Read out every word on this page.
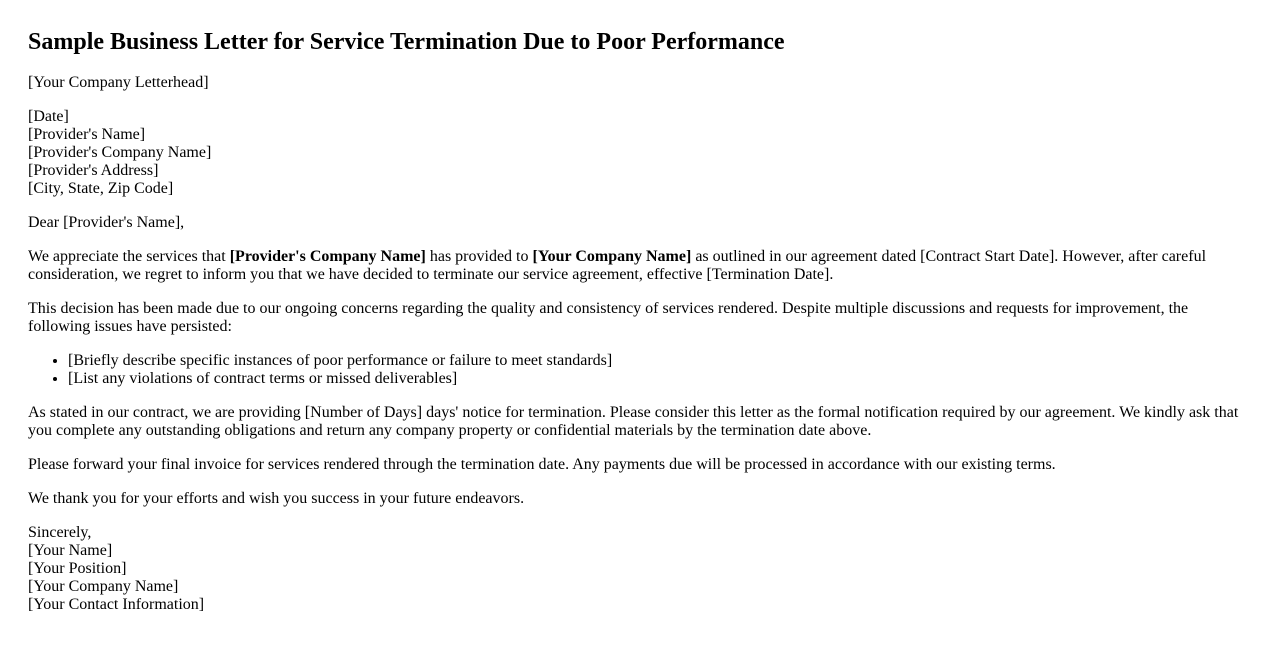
Sample Business Letter for Service Termination Due to Poor Performance

[Your Company Letterhead]

[Date]
[Provider's Name]
[Provider's Company Name]
[Provider's Address]
[City, State, Zip Code]

Dear [Provider's Name],

We appreciate the services that [Provider's Company Name] has provided to [Your Company Name] as outlined in our agreement dated [Contract Start Date]. However, after careful consideration, we regret to inform you that we have decided to terminate our service agreement, effective [Termination Date].

This decision has been made due to our ongoing concerns regarding the quality and consistency of services rendered. Despite multiple discussions and requests for improvement, the following issues have persisted:

• [Briefly describe specific instances of poor performance or failure to meet standards]
• [List any violations of contract terms or missed deliverables]

As stated in our contract, we are providing [Number of Days] days' notice for termination. Please consider this letter as the formal notification required by our agreement. We kindly ask that you complete any outstanding obligations and return any company property or confidential materials by the termination date above.

Please forward your final invoice for services rendered through the termination date. Any payments due will be processed in accordance with our existing terms.

We thank you for your efforts and wish you success in your future endeavors.

Sincerely,
[Your Name]
[Your Position]
[Your Company Name]
[Your Contact Information]
